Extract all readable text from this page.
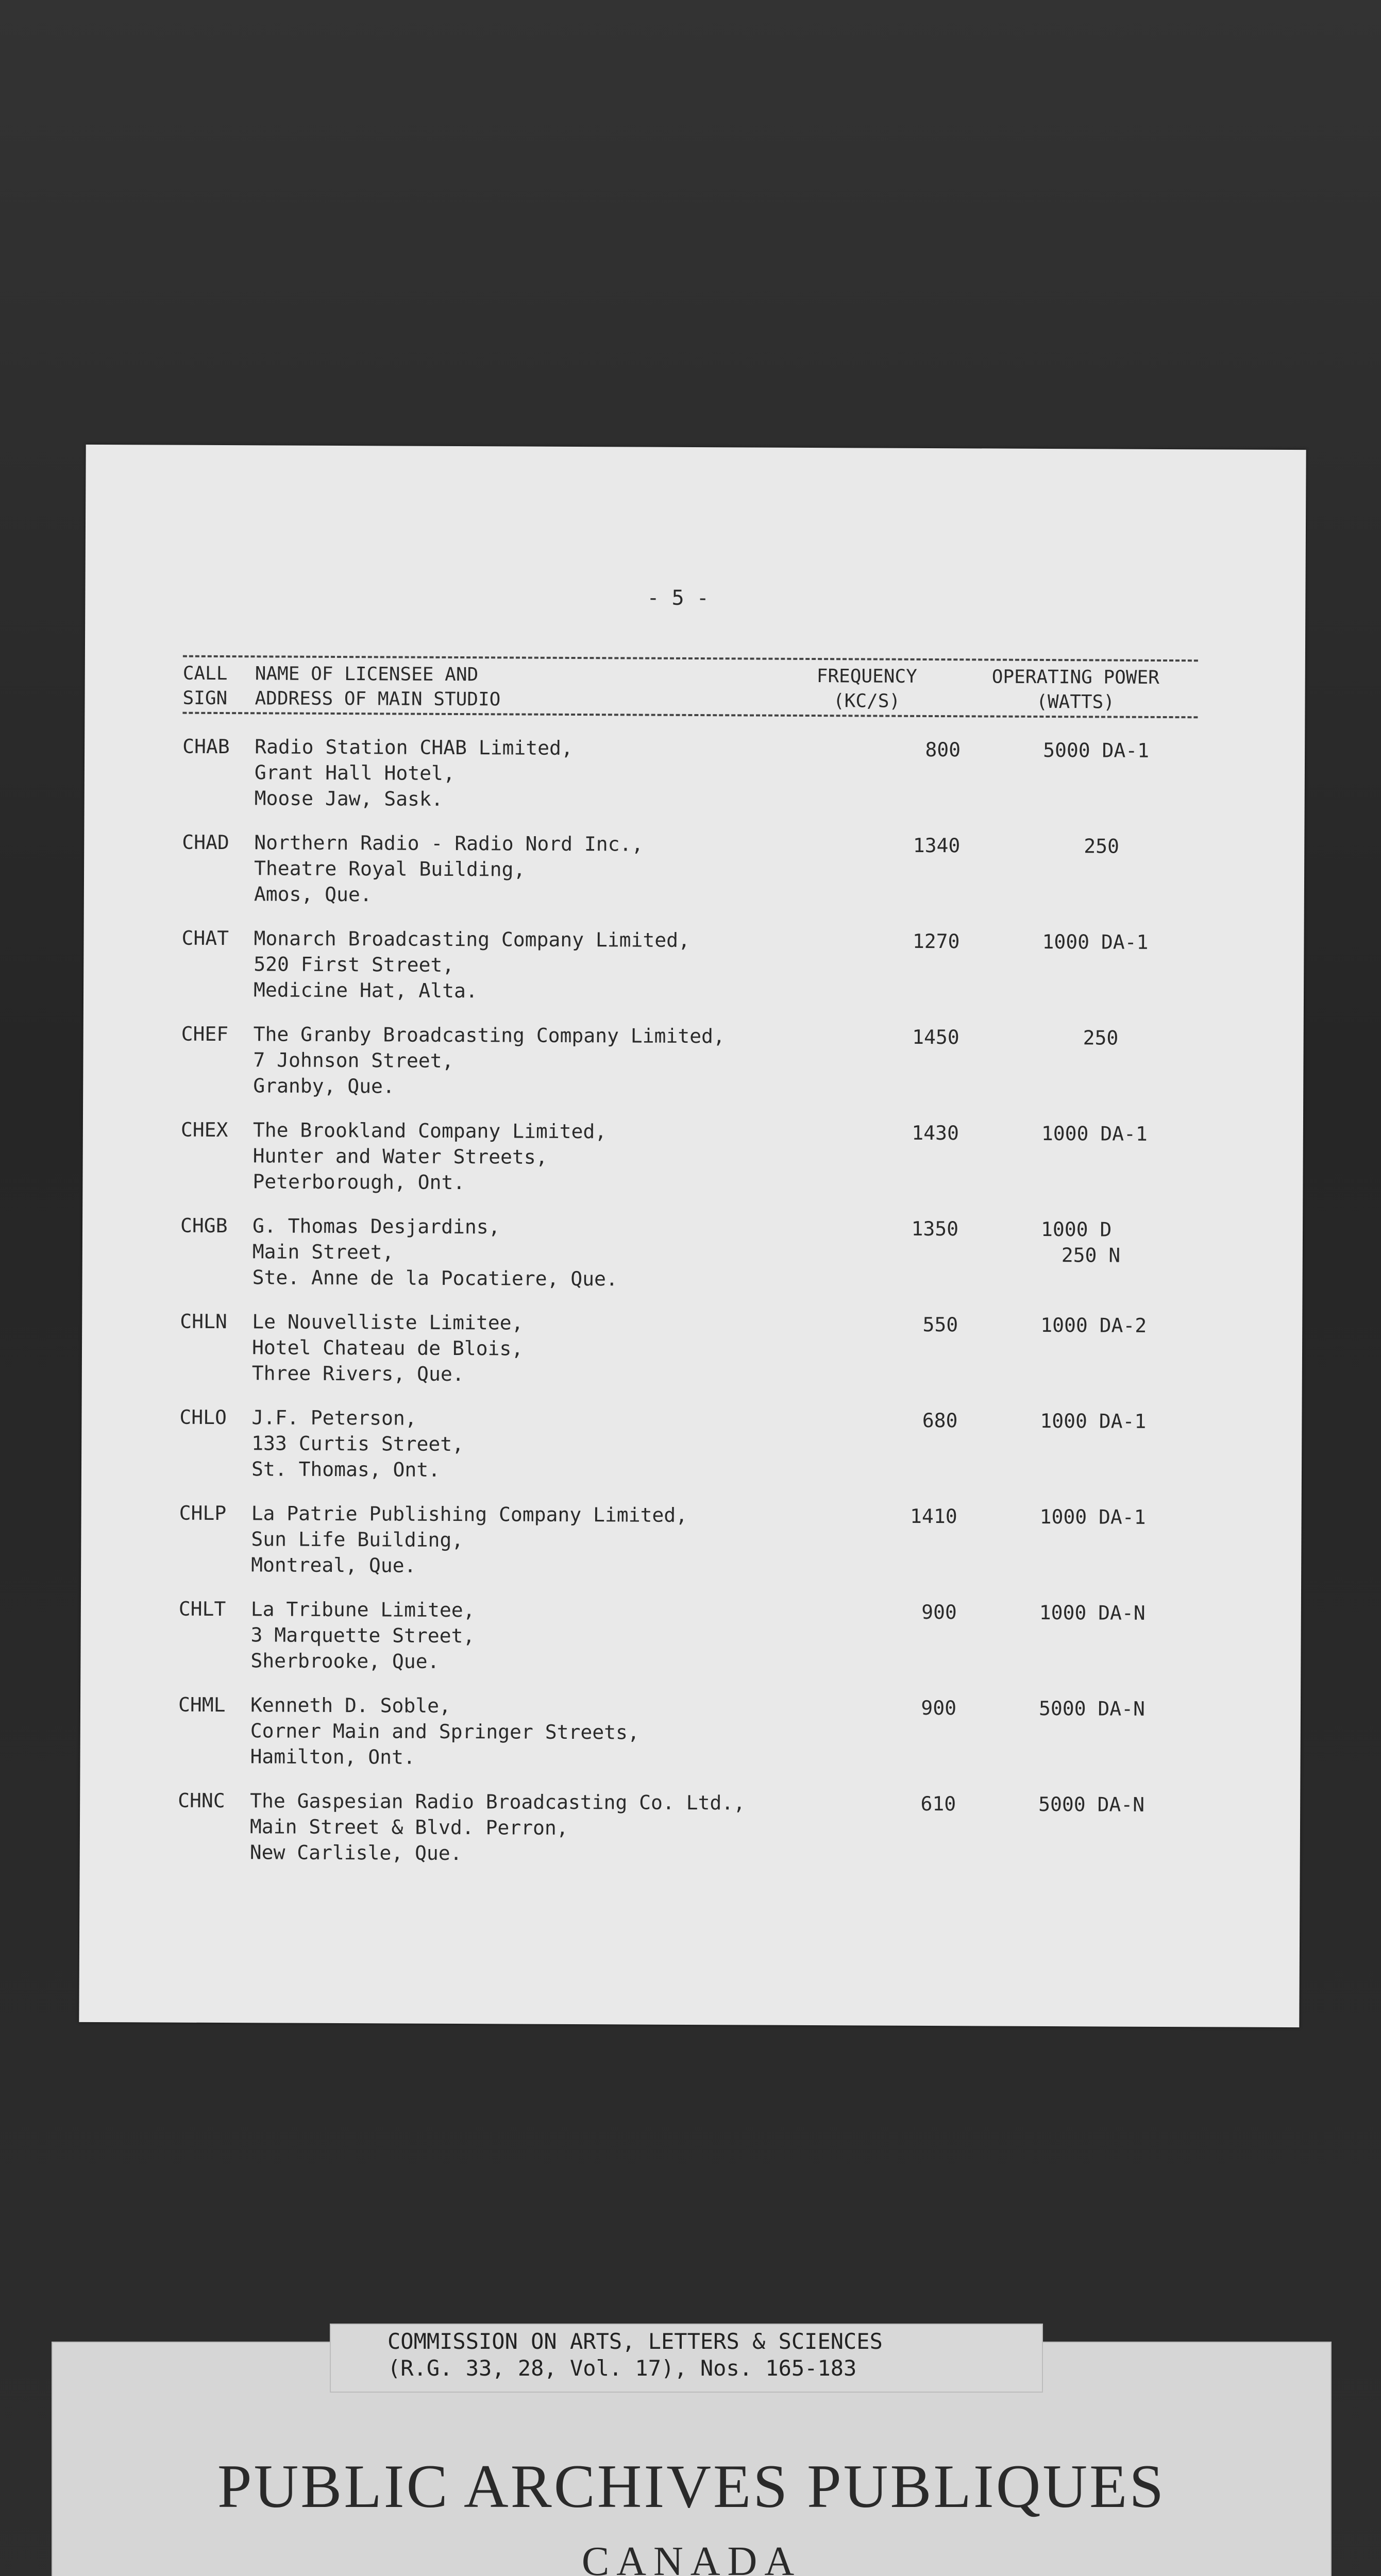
- 5 -
CALL
SIGN
NAME OF LICENSEE AND
ADDRESS OF MAIN STUDIO
FREQUENCY
(KC/S)
OPERATING POWER
(WATTS)
CHAB Radio Station CHAB Limited,
Grant Hall Hotel,
Moose Jaw, Sask.
800	5000 DA-1
CHAD Northern Radio - Radio Nord Inc.,
Theatre Royal Building,
Amos, Que.
1340	250
CHAT Monarch Broadcasting Company Limited,
520 First Street,
Medicine Hat, Alta.
1270	1000 DA-1
CHEF The Granby Broadcasting Company Limited,
7 Johnson Street,
Granby, Que.
1450	250
CHEX The Brookland Company Limited,
Hunter and Water Streets,
Peterborough, Ont.
1430	1000 DA-1
CHGB G. Thomas Desjardins,
Main Street,
Ste. Anne de la Pocatiere, Que.
1350	1000 D
250 N
CHLN Le Nouvelliste Limitee,
Hotel Chateau de Blois,
Three Rivers, Que.
550	1000 DA-2
CHLO J.F. Peterson,
133 Curtis Street,
St. Thomas, Ont.
680	1000 DA-1
CHLP La Patrie Publishing Company Limited,
Sun Life Building,
Montreal, Que.
1410	1000 DA-1
CHLT La Tribune Limitee,
3 Marquette Street,
Sherbrooke, Que.
900	1000 DA-N
CHML Kenneth D. Soble,
Corner Main and Springer Streets,
Hamilton, Ont.
900	5000 DA-N
CHNC The Gaspesian Radio Broadcasting Co. Ltd.,
Main Street & Blvd. Perron,
New Carlisle, Que.
610	5000 DA-N
PUBLIC ARCHIVES PUBLIQUES
CANADA
COMMISSION ON ARTS, LETTERS & SCIENCES
(R.G. 33, 28, Vol. 17), Nos. 165-183
